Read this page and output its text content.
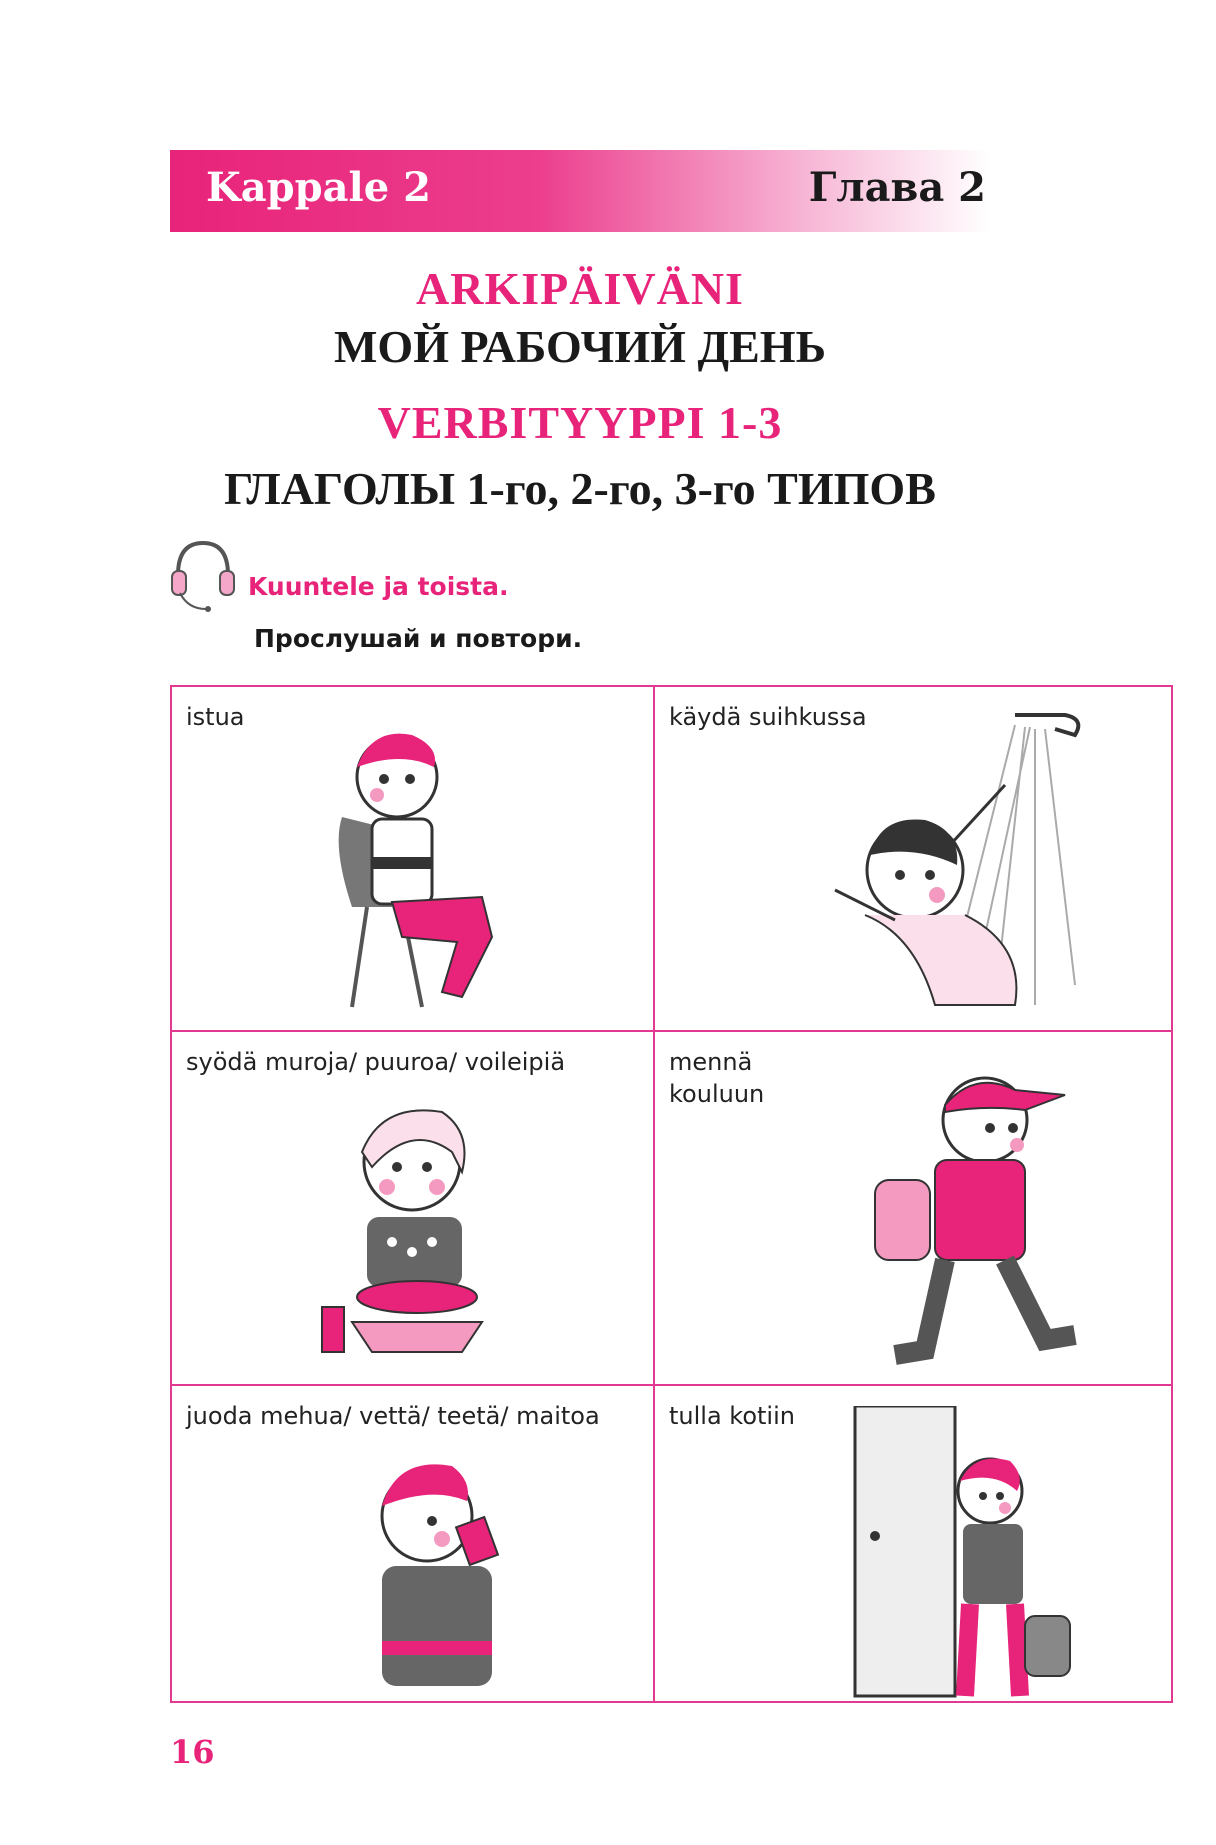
Kappale 2	Глава 2
ARKIPÄIVÄNI
МОЙ РАБОЧИЙ ДЕНЬ
VERBITYYPPI 1-3
ГЛАГОЛЫ 1-го, 2-го, 3-го ТИПОВ
Kuuntele ja toista.
Прослушай и повтори.
istua	käydä suihkussa
syödä muroja/ puuroa/ voileipiä	mennä
kouluun
juoda mehua/ vettä/ teetä/ maitoa	tulla kotiin
16
